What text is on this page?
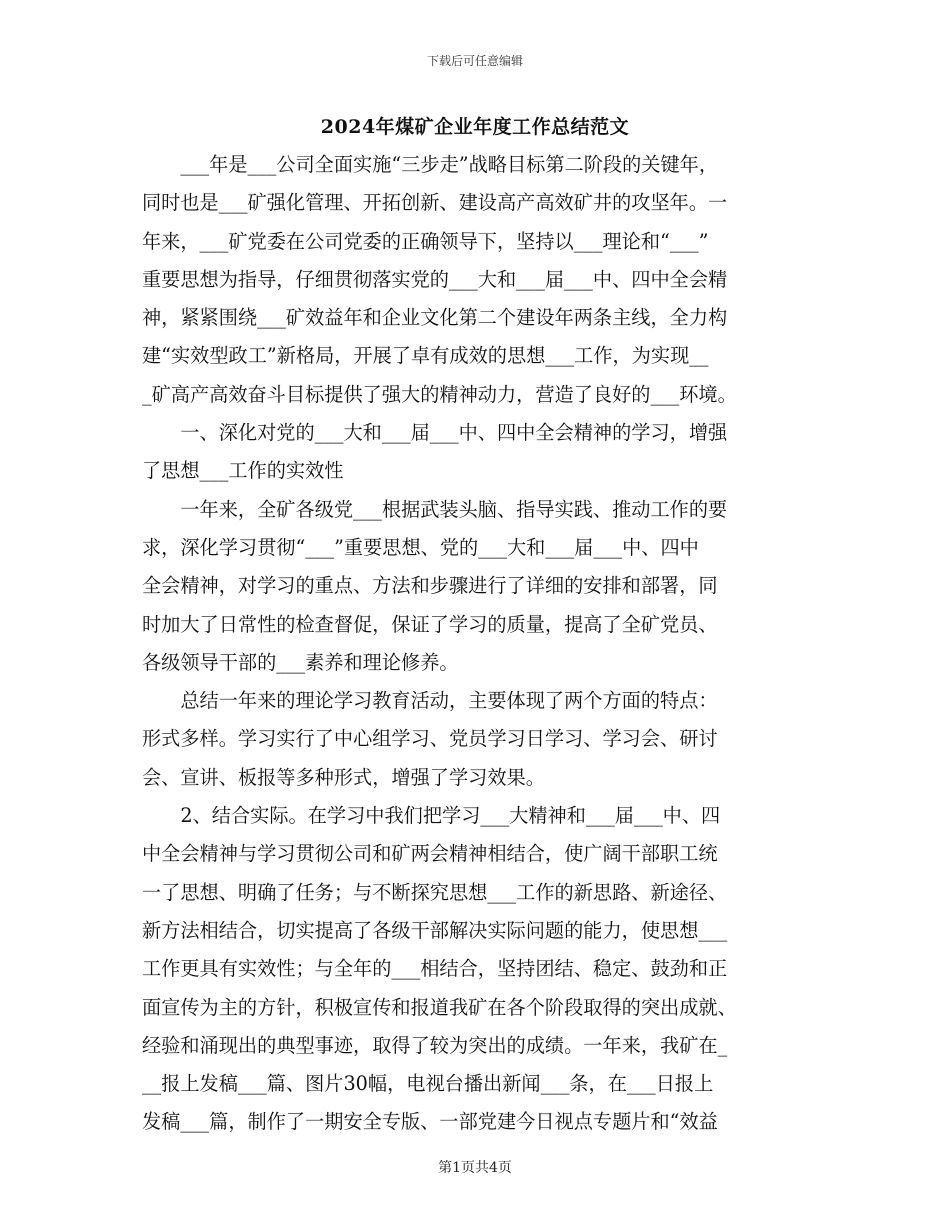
下载后可任意编辑
2024年煤矿企业年度工作总结范文
　　___年是___公司全面实施“三步走”战略目标第二阶段的关键年，
同时也是___矿强化管理、开拓创新、建设高产高效矿井的攻坚年。一
年来，___矿党委在公司党委的正确领导下，坚持以___理论和“___”
重要思想为指导，仔细贯彻落实党的___大和___届___中、四中全会精
神，紧紧围绕___矿效益年和企业文化第二个建设年两条主线，全力构
建“实效型政工”新格局，开展了卓有成效的思想___工作，为实现__
_矿高产高效奋斗目标提供了强大的精神动力，营造了良好的___环境。
　　一、深化对党的___大和___届___中、四中全会精神的学习，增强
了思想___工作的实效性
　　一年来，全矿各级党___根据武装头脑、指导实践、推动工作的要
求，深化学习贯彻“___”重要思想、党的___大和___届___中、四中
全会精神，对学习的重点、方法和步骤进行了详细的安排和部署，同
时加大了日常性的检查督促，保证了学习的质量，提高了全矿党员、
各级领导干部的___素养和理论修养。
　　总结一年来的理论学习教育活动，主要体现了两个方面的特点：
形式多样。学习实行了中心组学习、党员学习日学习、学习会、研讨
会、宣讲、板报等多种形式，增强了学习效果。
　　2、结合实际。在学习中我们把学习___大精神和___届___中、四
中全会精神与学习贯彻公司和矿两会精神相结合，使广阔干部职工统
一了思想、明确了任务；与不断探究思想___工作的新思路、新途径、
新方法相结合，切实提高了各级干部解决实际问题的能力，使思想___
工作更具有实效性；与全年的___相结合，坚持团结、稳定、鼓劲和正
面宣传为主的方针，积极宣传和报道我矿在各个阶段取得的突出成就、
经验和涌现出的典型事迹，取得了较为突出的成绩。一年来，我矿在_
__报上发稿___篇、图片30幅，电视台播出新闻___条，在___日报上
发稿___篇，制作了一期安全专版、一部党建今日视点专题片和“效益
第1页共4页
